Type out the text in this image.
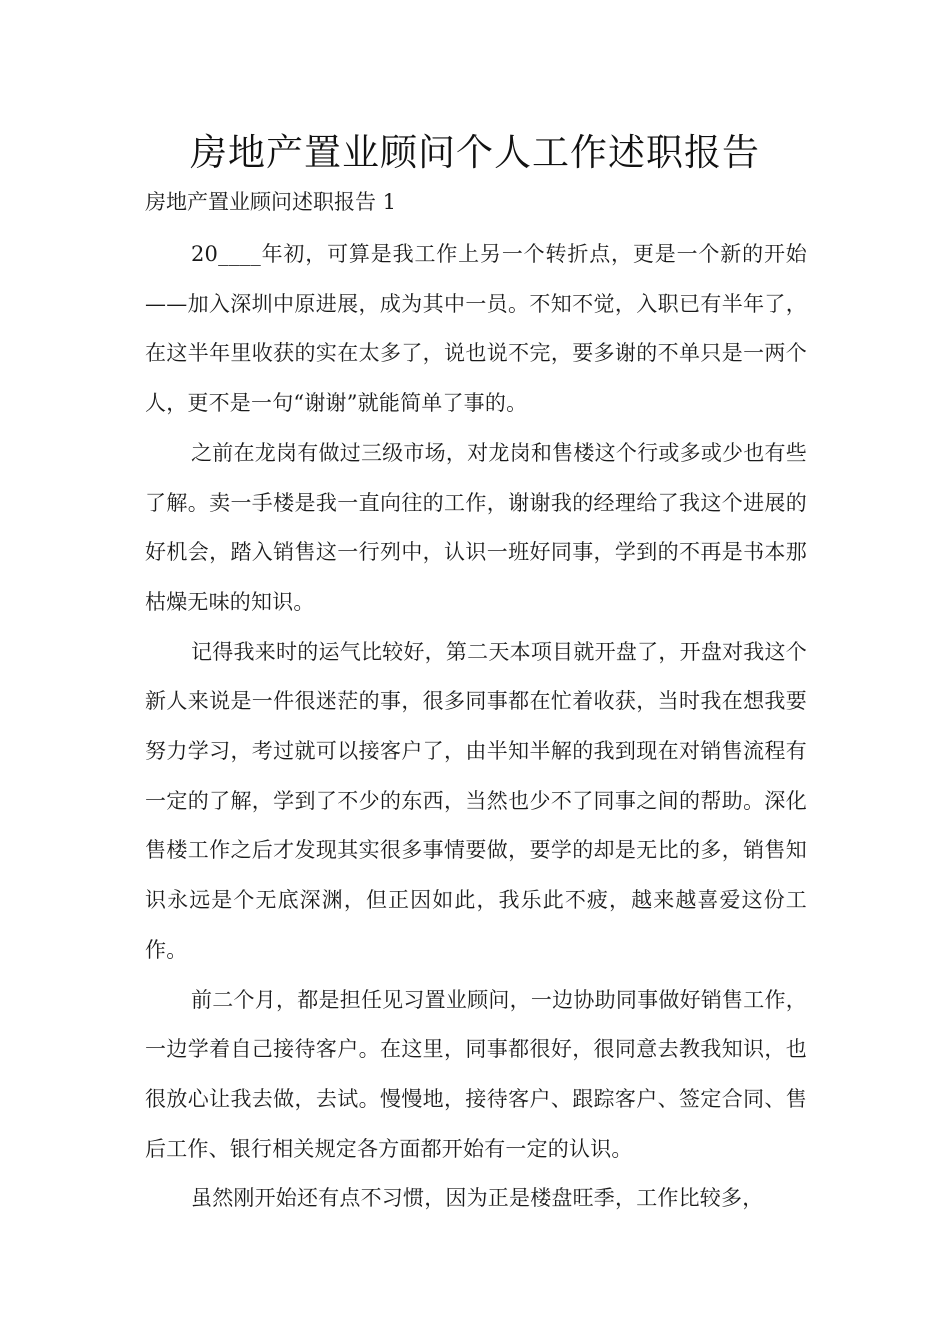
房地产置业顾问个人工作述职报告

房地产置业顾问述职报告 1

20____年初，可算是我工作上另一个转折点，更是一个新的开始——加入深圳中原进展，成为其中一员。不知不觉，入职已有半年了，在这半年里收获的实在太多了，说也说不完，要多谢的不单只是一两个人，更不是一句“谢谢”就能简单了事的。

之前在龙岗有做过三级市场，对龙岗和售楼这个行或多或少也有些了解。卖一手楼是我一直向往的工作，谢谢我的经理给了我这个进展的好机会，踏入销售这一行列中，认识一班好同事，学到的不再是书本那枯燥无味的知识。

记得我来时的运气比较好，第二天本项目就开盘了，开盘对我这个新人来说是一件很迷茫的事，很多同事都在忙着收获，当时我在想我要努力学习，考过就可以接客户了，由半知半解的我到现在对销售流程有一定的了解，学到了不少的东西，当然也少不了同事之间的帮助。深化售楼工作之后才发现其实很多事情要做，要学的却是无比的多，销售知识永远是个无底深渊，但正因如此，我乐此不疲，越来越喜爱这份工作。

前二个月，都是担任见习置业顾问，一边协助同事做好销售工作，一边学着自己接待客户。在这里，同事都很好，很同意去教我知识，也很放心让我去做，去试。慢慢地，接待客户、跟踪客户、签定合同、售后工作、银行相关规定各方面都开始有一定的认识。

虽然刚开始还有点不习惯，因为正是楼盘旺季，工作比较多，
